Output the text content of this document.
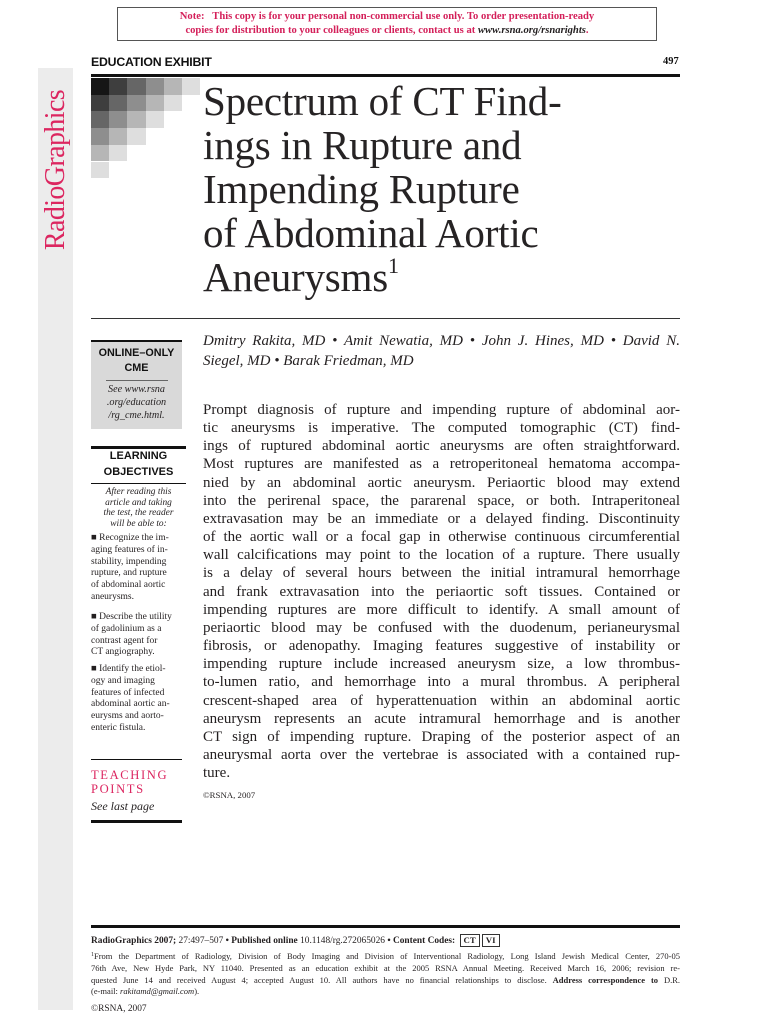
Note: This copy is for your personal non-commercial use only. To order presentation-ready
copies for distribution to your colleagues or clients, contact us at www.rsna.org/rsnarights.
RadioGraphics
EDUCATION EXHIBIT	497
Spectrum of CT Find-
ings in Rupture and
Impending Rupture
of Abdominal Aortic
Aneurysms$^1$
Dmitry Rakita, MD • Amit Newatia, MD • John J. Hines, MD • David N.
Siegel, MD • Barak Friedman, MD
ONLINE–ONLY
CME
See www.rsna
.org/education
/rg_cme.html.
LEARNING
OBJECTIVES
After reading this
article and taking
the test, the reader
will be able to:
■ Recognize the im-
aging features of in-
stability, impending
rupture, and rupture
of abdominal aortic
aneurysms.
■ Describe the utility
of gadolinium as a
contrast agent for
CT angiography.
■ Identify the etiol-
ogy and imaging
features of infected
abdominal aortic an-
eurysms and aorto-
enteric fistula.
TEACHING
POINTS
See last page
Prompt diagnosis of rupture and impending rupture of abdominal aor-
tic aneurysms is imperative. The computed tomographic (CT) find-
ings of ruptured abdominal aortic aneurysms are often straightforward.
Most ruptures are manifested as a retroperitoneal hematoma accompa-
nied by an abdominal aortic aneurysm. Periaortic blood may extend
into the perirenal space, the pararenal space, or both. Intraperitoneal
extravasation may be an immediate or a delayed finding. Discontinuity
of the aortic wall or a focal gap in otherwise continuous circumferential
wall calcifications may point to the location of a rupture. There usually
is a delay of several hours between the initial intramural hemorrhage
and frank extravasation into the periaortic soft tissues. Contained or
impending ruptures are more difficult to identify. A small amount of
periaortic blood may be confused with the duodenum, perianeurysmal
fibrosis, or adenopathy. Imaging features suggestive of instability or
impending rupture include increased aneurysm size, a low thrombus-
to-lumen ratio, and hemorrhage into a mural thrombus. A peripheral
crescent-shaped area of hyperattenuation within an abdominal aortic
aneurysm represents an acute intramural hemorrhage and is another
CT sign of impending rupture. Draping of the posterior aspect of an
aneurysmal aorta over the vertebrae is associated with a contained rup-
ture.
©RSNA, 2007
RadioGraphics 2007; 27:497–507 • Published online 10.1148/rg.272065026 • Content Codes: CT VI
$^1$From the Department of Radiology, Division of Body Imaging and Division of Interventional Radiology, Long Island Jewish Medical Center, 270-05
76th Ave, New Hyde Park, NY 11040. Presented as an education exhibit at the 2005 RSNA Annual Meeting. Received March 16, 2006; revision re-
quested June 14 and received August 4; accepted August 10. All authors have no financial relationships to disclose. Address correspondence to D.R.
(e-mail: rakitamd@gmail.com).
©RSNA, 2007
